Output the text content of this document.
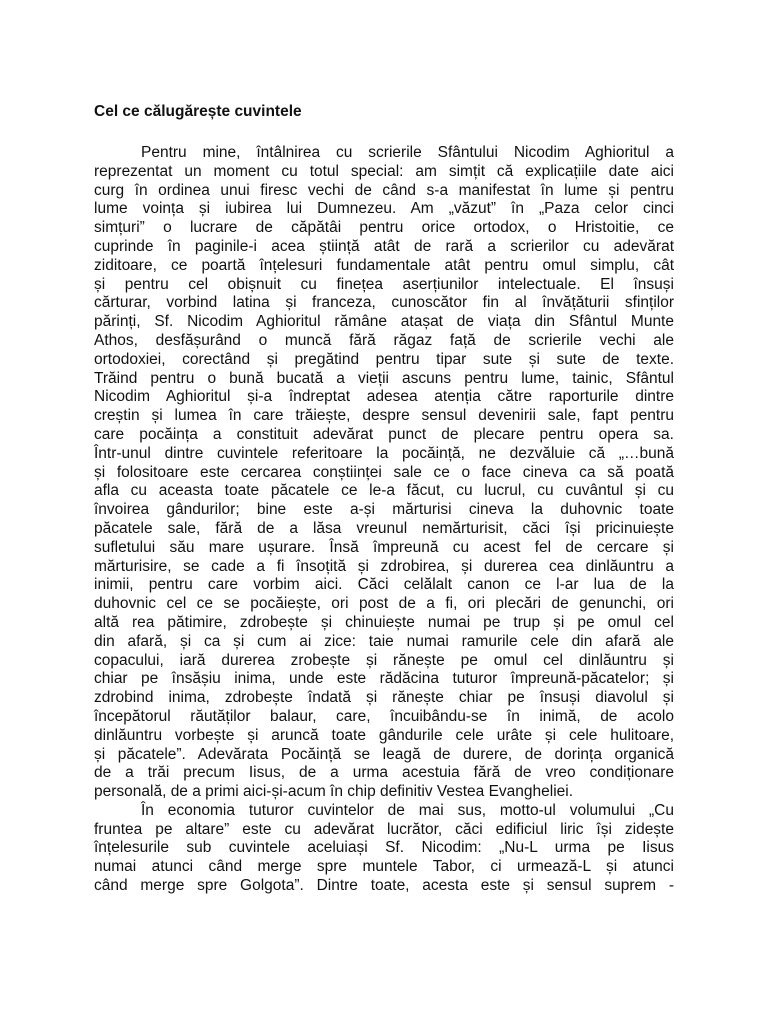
Cel ce călugărește cuvintele
Pentru mine, întâlnirea cu scrierile Sfântului Nicodim Aghioritul a
reprezentat un moment cu totul special: am simțit că explicațiile date aici
curg în ordinea unui firesc vechi de când s-a manifestat în lume și pentru
lume voința și iubirea lui Dumnezeu. Am „văzut” în „Paza celor cinci
simțuri” o lucrare de căpătâi pentru orice ortodox, o Hristoitie, ce
cuprinde în paginile-i acea știință atât de rară a scrierilor cu adevărat
ziditoare, ce poartă înțelesuri fundamentale atât pentru omul simplu, cât
și pentru cel obișnuit cu finețea aserțiunilor intelectuale. El însuși
cărturar, vorbind latina și franceza, cunoscător fin al învățăturii sfinților
părinți, Sf. Nicodim Aghioritul rămâne atașat de viața din Sfântul Munte
Athos, desfășurând o muncă fără răgaz față de scrierile vechi ale
ortodoxiei, corectând și pregătind pentru tipar sute și sute de texte.
Trăind pentru o bună bucată a vieții ascuns pentru lume, tainic, Sfântul
Nicodim Aghioritul și-a îndreptat adesea atenția către raporturile dintre
creștin și lumea în care trăiește, despre sensul devenirii sale, fapt pentru
care pocăința a constituit adevărat punct de plecare pentru opera sa.
Într-unul dintre cuvintele referitoare la pocăință, ne dezvăluie că „…bună
și folositoare este cercarea conștiinței sale ce o face cineva ca să poată
afla cu aceasta toate păcatele ce le-a făcut, cu lucrul, cu cuvântul și cu
învoirea gândurilor; bine este a-și mărturisi cineva la duhovnic toate
păcatele sale, fără de a lăsa vreunul nemărturisit, căci își pricinuiește
sufletului său mare ușurare. Însă împreună cu acest fel de cercare și
mărturisire, se cade a fi însoțită și zdrobirea, și durerea cea dinlăuntru a
inimii, pentru care vorbim aici. Căci celălalt canon ce l-ar lua de la
duhovnic cel ce se pocăiește, ori post de a fi, ori plecări de genunchi, ori
altă rea pătimire, zdrobește și chinuiește numai pe trup și pe omul cel
din afară, și ca și cum ai zice: taie numai ramurile cele din afară ale
copacului, iară durerea zrobește și rănește pe omul cel dinlăuntru și
chiar pe însășiu inima, unde este rădăcina tuturor împreună-păcatelor; și
zdrobind inima, zdrobește îndată și rănește chiar pe însuși diavolul și
începătorul răutăților balaur, care, încuibându-se în inimă, de acolo
dinlăuntru vorbește și aruncă toate gândurile cele urâte și cele hulitoare,
și păcatele”. Adevărata Pocăință se leagă de durere, de dorința organică
de a trăi precum Iisus, de a urma acestuia fără de vreo condiționare
personală, de a primi aici-și-acum în chip definitiv Vestea Evangheliei.
În economia tuturor cuvintelor de mai sus, motto-ul volumului „Cu
fruntea pe altare” este cu adevărat lucrător, căci edificiul liric își zidește
înțelesurile sub cuvintele aceluiași Sf. Nicodim: „Nu-L urma pe Iisus
numai atunci când merge spre muntele Tabor, ci urmează-L și atunci
când merge spre Golgota”. Dintre toate, acesta este și sensul suprem -
